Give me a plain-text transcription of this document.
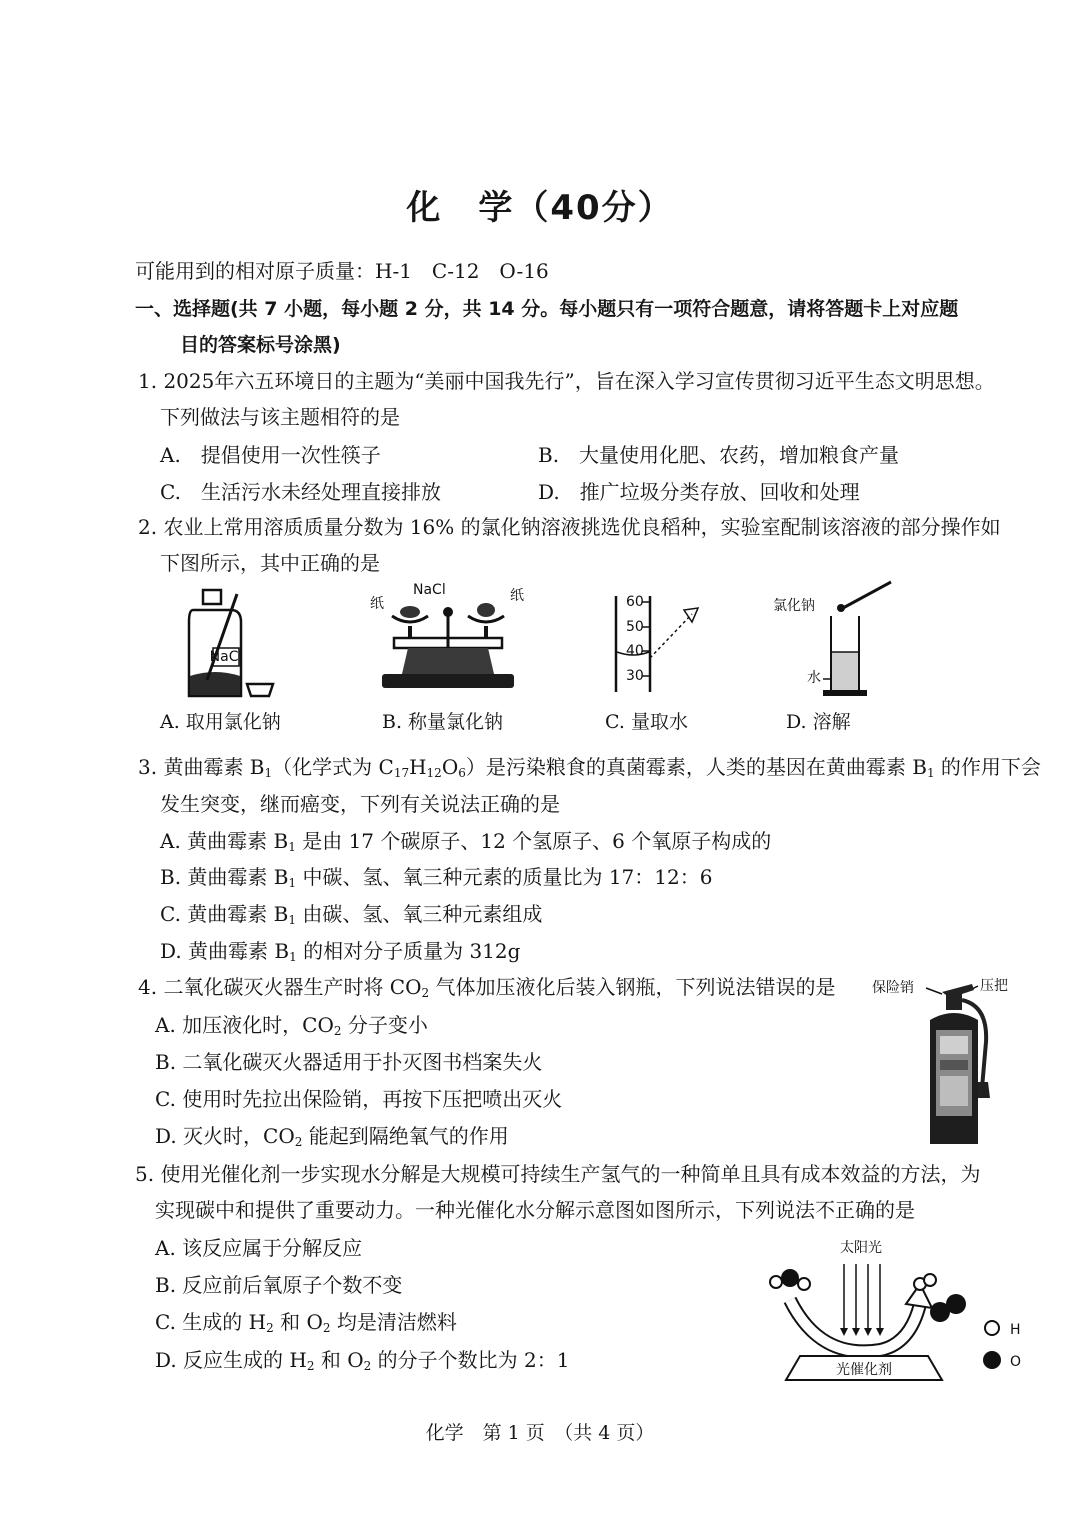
化　学（40分）
可能用到的相对原子质量：H-1　C-12　O-16
一、选择题(共 7 小题，每小题 2 分，共 14 分。每小题只有一项符合题意，请将答题卡上对应题
目的答案标号涂黑)
1. 2025年六五环境日的主题为“美丽中国我先行”，旨在深入学习宣传贯彻习近平生态文明思想。
下列做法与该主题相符的是
A.　提倡使用一次性筷子	B.　大量使用化肥、农药，增加粮食产量
C.　生活污水未经处理直接排放	D.　推广垃圾分类存放、回收和处理
2. 农业上常用溶质质量分数为 16% 的氯化钠溶液挑选优良稻种，实验室配制该溶液的部分操作如
下图所示，其中正确的是
NaCl
NaCl
纸	纸	60
50
40
30
氯化钠
水
A. 取用氯化钠	B. 称量氯化钠	C. 量取水	D. 溶解
3. 黄曲霉素 $B_1$（化学式为 $C_{17}H_{12}O_6$）是污染粮食的真菌霉素，人类的基因在黄曲霉素 $B_1$ 的作用下会
发生突变，继而癌变，下列有关说法正确的是
A. 黄曲霉素 $B_1$ 是由 17 个碳原子、12 个氢原子、6 个氧原子构成的
B. 黄曲霉素 $B_1$ 中碳、氢、氧三种元素的质量比为 17：12：6
C. 黄曲霉素 $B_1$ 由碳、氢、氧三种元素组成
D. 黄曲霉素 $B_1$ 的相对分子质量为 312g
4. 二氧化碳灭火器生产时将 $CO_2$ 气体加压液化后装入钢瓶，下列说法错误的是
A. 加压液化时，$CO_2$ 分子变小
B. 二氧化碳灭火器适用于扑灭图书档案失火
C. 使用时先拉出保险销，再按下压把喷出灭火
D. 灭火时，$CO_2$ 能起到隔绝氧气的作用
保险销	压把
5. 使用光催化剂一步实现水分解是大规模可持续生产氢气的一种简单且具有成本效益的方法，为
实现碳中和提供了重要动力。一种光催化水分解示意图如图所示，下列说法不正确的是
A. 该反应属于分解反应
B. 反应前后氧原子个数不变
C. 生成的 $H_2$ 和 $O_2$ 均是清洁燃料
D. 反应生成的 $H_2$ 和 $O_2$ 的分子个数比为 2：1
太阳光
光催化剂
H
O
化学　第 1 页　（共 4 页）
